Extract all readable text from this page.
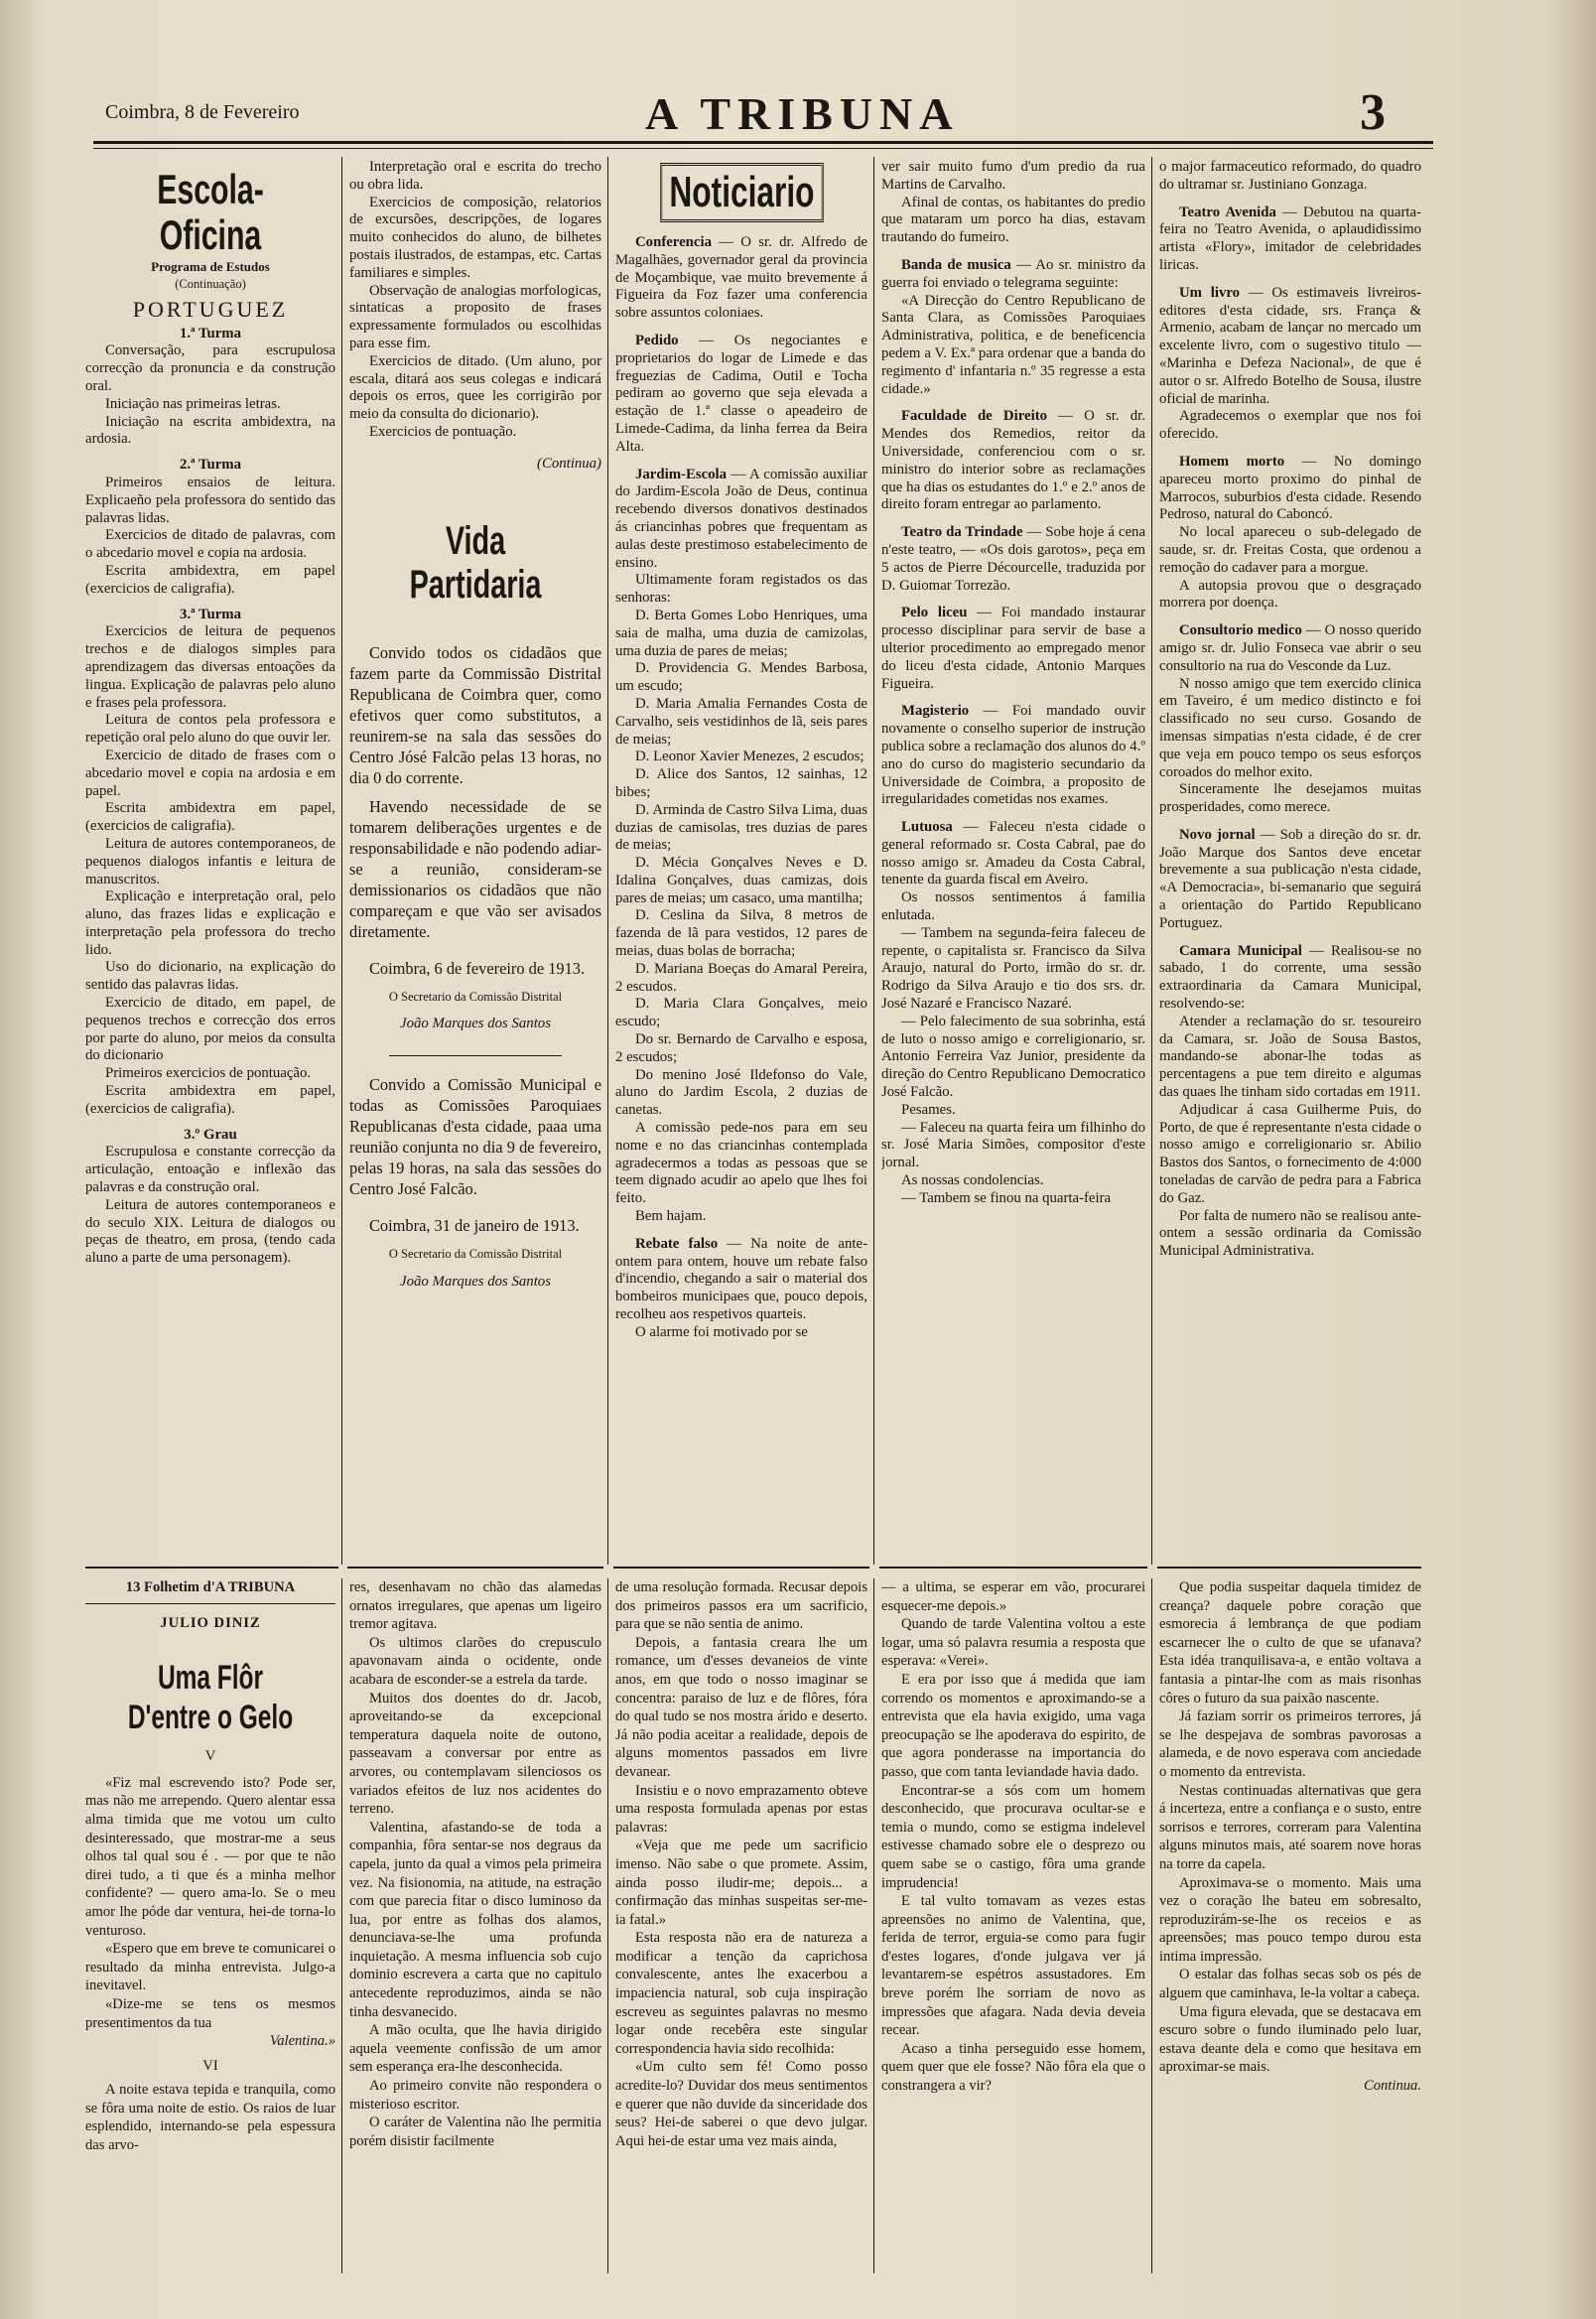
Coimbra, 8 de Fevereiro	A TRIBUNA	3

Escola-Oficina

Programa de Estudos

(Continuação)

PORTUGUEZ

1.ª Turma

Conversação, para escrupulosa correcção da pronuncia e da construção oral.

Iniciação nas primeiras letras.

Iniciação na escrita ambidextra, na ardosia.

2.ª Turma

Primeiros ensaios de leitura. Explicaeño pela professora do sentido das palavras lidas.

Exercicios de ditado de palavras, com o abcedario movel e copia na ardosia.

Escrita ambidextra, em papel (exercicios de caligrafia).

3.ª Turma

Exercicios de leitura de pequenos trechos e de dialogos simples para aprendizagem das diversas entoações da lingua. Explicação de palavras pelo aluno e frases pela professora.

Leitura de contos pela professora e repetição oral pelo aluno do que ouvir ler.

Exercicio de ditado de frases com o abcedario movel e copia na ardosia e em papel.

Escrita ambidextra em papel, (exercicios de caligrafia).

Leitura de autores contemporaneos, de pequenos dialogos infantis e leitura de manuscritos.

Explicação e interpretação oral, pelo aluno, das frazes lidas e explicação e interpretação pela professora do trecho lido.

Uso do dicionario, na explicação do sentido das palavras lidas.

Exercicio de ditado, em papel, de pequenos trechos e correcção dos erros por parte do aluno, por meios da consulta do dicionario

Primeiros exercicios de pontuação.

Escrita ambidextra em papel, (exercicios de caligrafia).

3.º Grau

Escrupulosa e constante correcção da articulação, entoação e inflexão das palavras e da construção oral.

Leitura de autores contemporaneos e do seculo XIX. Leitura de dialogos ou peças de theatro, em prosa, (tendo cada aluno a parte de uma personagem).

Interpretação oral e escrita do trecho ou obra lida.

Exercicios de composição, relatorios de excursões, descripções, de logares muito conhecidos do aluno, de bilhetes postais ilustrados, de estampas, etc. Cartas familiares e simples.

Observação de analogias morfologicas, sintaticas a proposito de frases expressamente formulados ou escolhidas para esse fim.

Exercicios de ditado. (Um aluno, por escala, ditará aos seus colegas e indicará depois os erros, quee les corrigirão por meio da consulta do dicionario).

Exercicios de pontuação.

(Continua)

Vida Partidaria

Convido todos os cidadãos que fazem parte da Commissão Distrital Republicana de Coimbra quer, como efetivos quer como substitutos, a reunirem-se na sala das sessões do Centro Jósé Falcão pelas 13 horas, no dia 0 do corrente.

Havendo necessidade de se tomarem deliberações urgentes e de responsabilidade e não podendo adiar-se a reunião, consideram-se demissionarios os cidadãos que não compareçam e que vão ser avisados diretamente.

Coimbra, 6 de fevereiro de 1913.

O Secretario da Comissão Distrital

João Marques dos Santos

Convido a Comissão Municipal e todas as Comissões Paroquiaes Republicanas d'esta cidade, paaa uma reunião conjunta no dia 9 de fevereiro, pelas 19 horas, na sala das sessões do Centro José Falcão.

Coimbra, 31 de janeiro de 1913.

O Secretario da Comissão Distrital

João Marques dos Santos

Noticiario

Conferencia — O sr. dr. Alfredo de Magalhães, governador geral da provincia de Moçambique, vae muito brevemente á Figueira da Foz fazer uma conferencia sobre assuntos coloniaes.

Pedido — Os negociantes e proprietarios do logar de Limede e das freguezias de Cadima, Outil e Tocha pediram ao governo que seja elevada a estação de 1.ª classe o apeadeiro de Limede-Cadima, da linha ferrea da Beira Alta.

Jardim-Escola — A comissão auxiliar do Jardim-Escola João de Deus, continua recebendo diversos donativos destinados ás criancinhas pobres que frequentam as aulas deste prestimoso estabelecimento de ensino.

Ultimamente foram registados os das senhoras:

D. Berta Gomes Lobo Henriques, uma saia de malha, uma duzia de camizolas, uma duzia de pares de meias;

D. Providencia G. Mendes Barbosa, um escudo;

D. Maria Amalia Fernandes Costa de Carvalho, seis vestidinhos de lã, seis pares de meias;

D. Leonor Xavier Menezes, 2 escudos;

D. Alice dos Santos, 12 sainhas, 12 bibes;

D. Arminda de Castro Silva Lima, duas duzias de camisolas, tres duzias de pares de meias;

D. Mécia Gonçalves Neves e D. Idalina Gonçalves, duas camizas, dois pares de meias; um casaco, uma mantilha;

D. Ceslina da Silva, 8 metros de fazenda de lã para vestidos, 12 pares de meias, duas bolas de borracha;

D. Mariana Boeças do Amaral Pereira, 2 escudos.

D. Maria Clara Gonçalves, meio escudo;

Do sr. Bernardo de Carvalho e esposa, 2 escudos;

Do menino José Ildefonso do Vale, aluno do Jardim Escola, 2 duzias de canetas.

A comissão pede-nos para em seu nome e no das criancinhas contemplada agradecermos a todas as pessoas que se teem dignado acudir ao apelo que lhes foi feito.

Bem hajam.

Rebate falso — Na noite de ante-ontem para ontem, houve um rebate falso d'incendio, chegando a sair o material dos bombeiros municipaes que, pouco depois, recolheu aos respetivos quarteis.

O alarme foi motivado por se

ver sair muito fumo d'um predio da rua Martins de Carvalho.

Afinal de contas, os habitantes do predio que mataram um porco ha dias, estavam trautando do fumeiro.

Banda de musica — Ao sr. ministro da guerra foi enviado o telegrama seguinte:

«A Direcção do Centro Republicano de Santa Clara, as Comissões Paroquiaes Administrativa, politica, e de beneficencia pedem a V. Ex.ª para ordenar que a banda do regimento d' infantaria n.º 35 regresse a esta cidade.»

Faculdade de Direito — O sr. dr. Mendes dos Remedios, reitor da Universidade, conferenciou com o sr. ministro do interior sobre as reclamações que ha dias os estudantes do 1.º e 2.º anos de direito foram entregar ao parlamento.

Teatro da Trindade — Sobe hoje á cena n'este teatro, — «Os dois garotos», peça em 5 actos de Pierre Décourcelle, traduzida por D. Guiomar Torrezão.

Pelo liceu — Foi mandado instaurar processo disciplinar para servir de base a ulterior procedimento ao empregado menor do liceu d'esta cidade, Antonio Marques Figueira.

Magisterio — Foi mandado ouvir novamente o conselho superior de instrução publica sobre a reclamação dos alunos do 4.º ano do curso do magisterio secundario da Universidade de Coimbra, a proposito de irregularidades cometidas nos exames.

Lutuosa — Faleceu n'esta cidade o general reformado sr. Costa Cabral, pae do nosso amigo sr. Amadeu da Costa Cabral, tenente da guarda fiscal em Aveiro.

Os nossos sentimentos á familia enlutada.

— Tambem na segunda-feira faleceu de repente, o capitalista sr. Francisco da Silva Araujo, natural do Porto, irmão do sr. dr. Rodrigo da Silva Araujo e tio dos srs. dr. José Nazaré e Francisco Nazaré.

— Pelo falecimento de sua sobrinha, está de luto o nosso amigo e correligionario, sr. Antonio Ferreira Vaz Junior, presidente da direção do Centro Republicano Democratico José Falcão.

Pesames.

— Faleceu na quarta feira um filhinho do sr. José Maria Simões, compositor d'este jornal.

As nossas condolencias.

— Tambem se finou na quarta-feira

o major farmaceutico reformado, do quadro do ultramar sr. Justiniano Gonzaga.

Teatro Avenida — Debutou na quarta-feira no Teatro Avenida, o aplaudidissimo artista «Flory», imitador de celebridades liricas.

Um livro — Os estimaveis livreiros-editores d'esta cidade, srs. França & Armenio, acabam de lançar no mercado um excelente livro, com o sugestivo titulo — «Marinha e Defeza Nacional», de que é autor o sr. Alfredo Botelho de Sousa, ilustre oficial de marinha.

Agradecemos o exemplar que nos foi oferecido.

Homem morto — No domingo apareceu morto proximo do pinhal de Marrocos, suburbios d'esta cidade. Resendo Pedroso, natural do Caboncó.

No local apareceu o sub-delegado de saude, sr. dr. Freitas Costa, que ordenou a remoção do cadaver para a morgue.

A autopsia provou que o desgraçado morrera por doença.

Consultorio medico — O nosso querido amigo sr. dr. Julio Fonseca vae abrir o seu consultorio na rua do Vesconde da Luz.

N nosso amigo que tem exercido clinica em Taveiro, é um medico distincto e foi classificado no seu curso. Gosando de imensas simpatias n'esta cidade, é de crer que veja em pouco tempo os seus esforços coroados do melhor exito.

Sinceramente lhe desejamos muitas prosperidades, como merece.

Novo jornal — Sob a direção do sr. dr. João Marque dos Santos deve encetar brevemente a sua publicação n'esta cidade, «A Democracia», bi-semanario que seguirá a orientação do Partido Republicano Portuguez.

Camara Municipal — Realisou-se no sabado, 1 do corrente, uma sessão extraordinaria da Camara Municipal, resolvendo-se:

Atender a reclamação do sr. tesoureiro da Camara, sr. João de Sousa Bastos, mandando-se abonar-lhe todas as percentagens a pue tem direito e algumas das quaes lhe tinham sido cortadas em 1911.

Adjudicar á casa Guilherme Puis, do Porto, de que é representante n'esta cidade o nosso amigo e correligionario sr. Abilio Bastos dos Santos, o fornecimento de 4:000 toneladas de carvão de pedra para a Fabrica do Gaz.

Por falta de numero não se realisou ante-ontem a sessão ordinaria da Comissão Municipal Administrativa.

13 Folhetim d'A TRIBUNA

JULIO DINIZ

Uma Flôr D'entre o Gelo

V

«Fiz mal escrevendo isto? Pode ser, mas não me arrependo. Quero alentar essa alma timida que me votou um culto desinteressado, que mostrar-me a seus olhos tal qual sou é . — por que te não direi tudo, a ti que és a minha melhor confidente? — quero ama-lo. Se o meu amor lhe póde dar ventura, hei-de torna-lo venturoso.

«Espero que em breve te comunicarei o resultado da minha entrevista. Julgo-a inevitavel.

«Dize-me se tens os mesmos presentimentos da tua

Valentina.»

VI

A noite estava tepida e tranquila, como se fôra uma noite de estio. Os raios de luar esplendido, internando-se pela espessura das arvo-

res, desenhavam no chão das alamedas ornatos irregulares, que apenas um ligeiro tremor agitava.

Os ultimos clarões do crepusculo apavonavam ainda o ocidente, onde acabara de esconder-se a estrela da tarde.

Muitos dos doentes do dr. Jacob, aproveitando-se da excepcional temperatura daquela noite de outono, passeavam a conversar por entre as arvores, ou contemplavam silenciosos os variados efeitos de luz nos acidentes do terreno.

Valentina, afastando-se de toda a companhia, fôra sentar-se nos degraus da capela, junto da qual a vimos pela primeira vez. Na fisionomia, na atitude, na estração com que parecia fitar o disco luminoso da lua, por entre as folhas dos alamos, denunciava-se-lhe uma profunda inquietação. A mesma influencia sob cujo dominio escrevera a carta que no capitulo antecedente reproduzimos, ainda se não tinha desvanecido.

A mão oculta, que lhe havia dirigido aquela veemente confissão de um amor sem esperança era-lhe desconhecida.

Ao primeiro convite não respondera o misterioso escritor.

O caráter de Valentina não lhe permitia porém disistir facilmente

de uma resolução formada. Recusar depois dos primeiros passos era um sacrificio, para que se não sentia de animo.

Depois, a fantasia creara lhe um romance, um d'esses devaneios de vinte anos, em que todo o nosso imaginar se concentra: paraiso de luz e de flôres, fóra do qual tudo se nos mostra árido e deserto. Já não podia aceitar a realidade, depois de alguns momentos passados em livre devanear.

Insistiu e o novo emprazamento obteve uma resposta formulada apenas por estas palavras:

«Veja que me pede um sacrificio imenso. Não sabe o que promete. Assim, ainda posso iludir-me; depois... a confirmação das minhas suspeitas ser-me-ia fatal.»

Esta resposta não era de natureza a modificar a tenção da caprichosa convalescente, antes lhe exacerbou a impaciencia natural, sob cuja inspiração escreveu as seguintes palavras no mesmo logar onde recebêra este singular correspondencia havia sido recolhida:

«Um culto sem fé! Como posso acredite-lo? Duvidar dos meus sentimentos e querer que não duvide da sinceridade dos seus? Hei-de saberei o que devo julgar. Aqui hei-de estar uma vez mais ainda,

— a ultima, se esperar em vão, procurarei esquecer-me depois.»

Quando de tarde Valentina voltou a este logar, uma só palavra resumia a resposta que esperava: «Verei».

E era por isso que á medida que iam correndo os momentos e aproximando-se a entrevista que ela havia exigido, uma vaga preocupação se lhe apoderava do espirito, de que agora ponderasse na importancia do passo, que com tanta leviandade havia dado.

Encontrar-se a sós com um homem desconhecido, que procurava ocultar-se e temia o mundo, como se estigma indelevel estivesse chamado sobre ele o desprezo ou quem sabe se o castigo, fôra uma grande imprudencia!

E tal vulto tomavam as vezes estas apreensões no animo de Valentina, que, ferida de terror, erguia-se como para fugir d'estes logares, d'onde julgava ver já levantarem-se espétros assustadores. Em breve porém lhe sorriam de novo as impressões que afagara. Nada devia deveia recear.

Acaso a tinha perseguido esse homem, quem quer que ele fosse? Não fôra ela que o constrangera a vir?

Que podia suspeitar daquela timidez de creança? daquele pobre coração que esmorecia á lembrança de que podiam escarnecer lhe o culto de que se ufanava? Esta idéa tranquilisava-a, e então voltava a fantasia a pintar-lhe com as mais risonhas côres o futuro da sua paixão nascente.

Já faziam sorrir os primeiros terrores, já se lhe despejava de sombras pavorosas a alameda, e de novo esperava com anciedade o momento da entrevista.

Nestas continuadas alternativas que gera á incerteza, entre a confiança e o susto, entre sorrisos e terrores, correram para Valentina alguns minutos mais, até soarem nove horas na torre da capela.

Aproximava-se o momento. Mais uma vez o coração lhe bateu em sobresalto, reproduzirám-se-lhe os receios e as apreensões; mas pouco tempo durou esta intima impressão.

O estalar das folhas secas sob os pés de alguem que caminhava, le-la voltar a cabeça.

Uma figura elevada, que se destacava em escuro sobre o fundo iluminado pelo luar, estava deante dela e como que hesitava em aproximar-se mais.

Continua.
